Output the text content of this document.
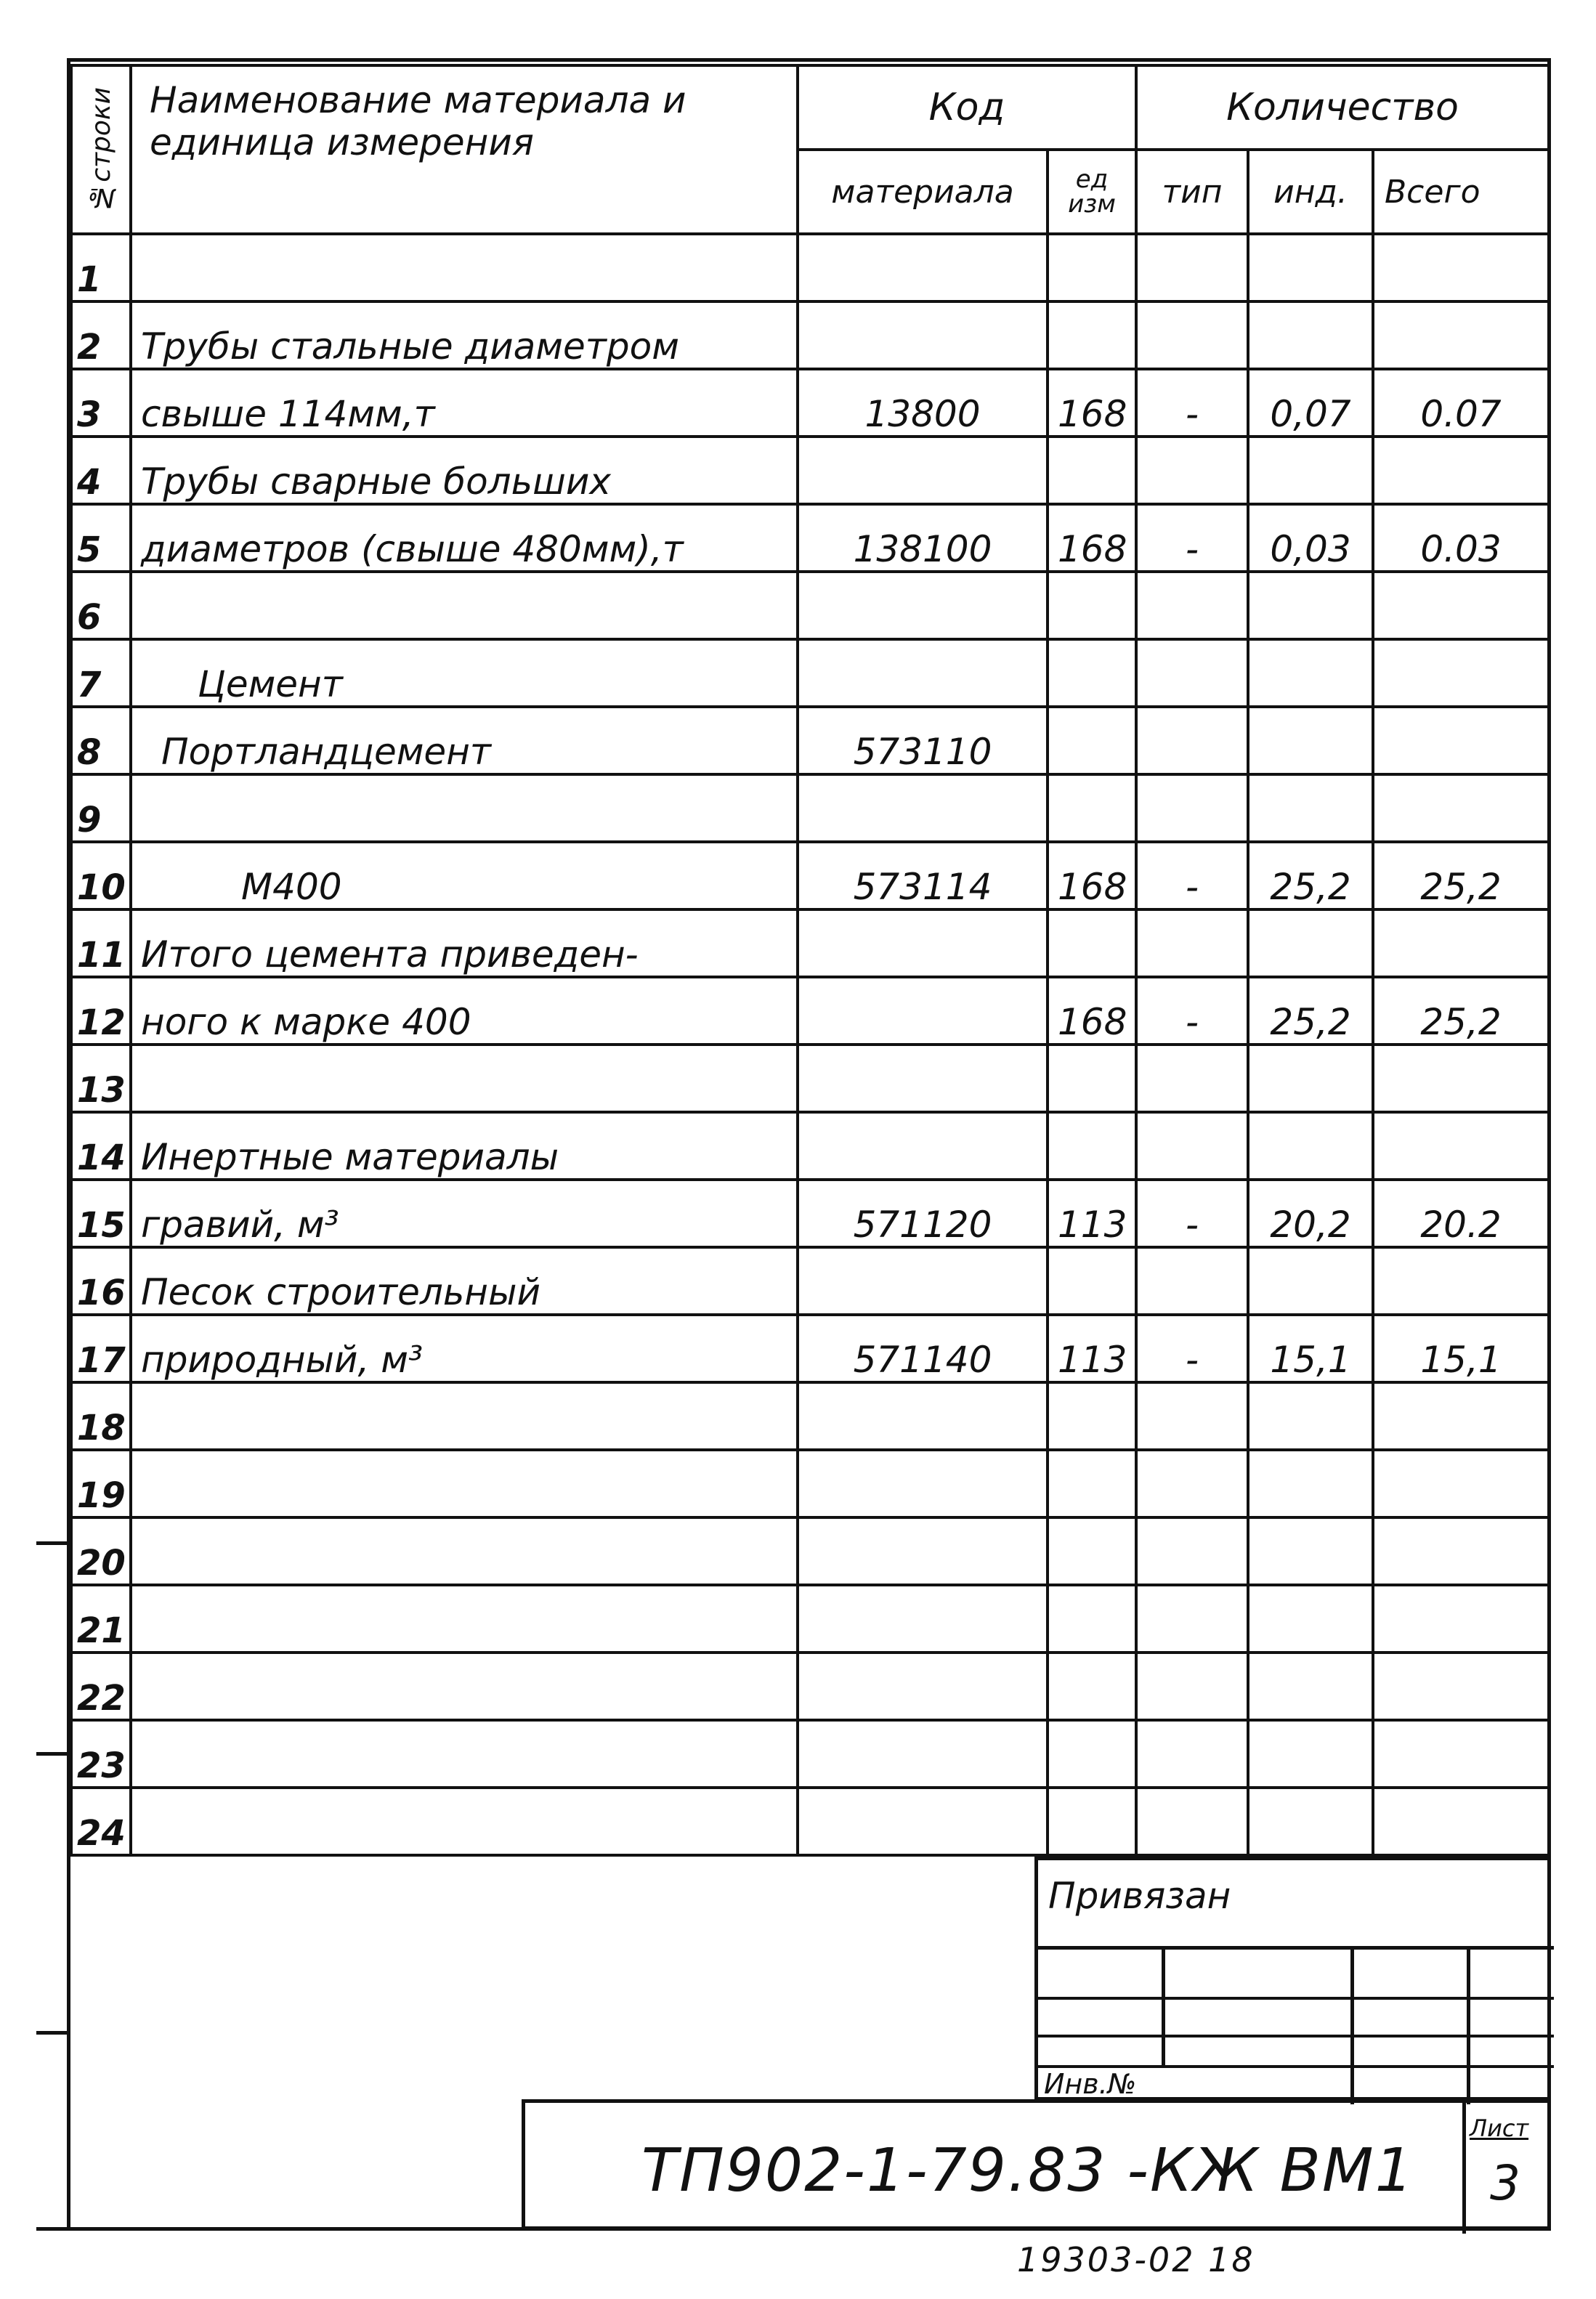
№строки	Наименование материала и единица измерения	Код		Количество		
		материала	ед изм	тип	инд.	Всего
1						
2	Трубы стальные диаметром					
3	свыше 114мм,т	13800	168	-	0,07	0.07
4	Трубы сварные больших					
5	диаметров (свыше 480мм),т	138100	168	-	0,03	0.03
6						
7	Цемент					
8	Портландцемент	573110				
9						
10	М400	573114	168	-	25,2	25,2
11	Итого цемента приведен-					
12	ного к марке 400		168	-	25,2	25,2
13						
14	Инертные материалы					
15	гравий, м³	571120	113	-	20,2	20.2
16	Песок строительный					
17	природный, м³	571140	113	-	15,1	15,1
18						
19						
20						
21						
22						
23						
24						
Привязан
Инв.№
ТП902-1-79.83 -КЖ ВМ1
Лист
3
19303-02 18
